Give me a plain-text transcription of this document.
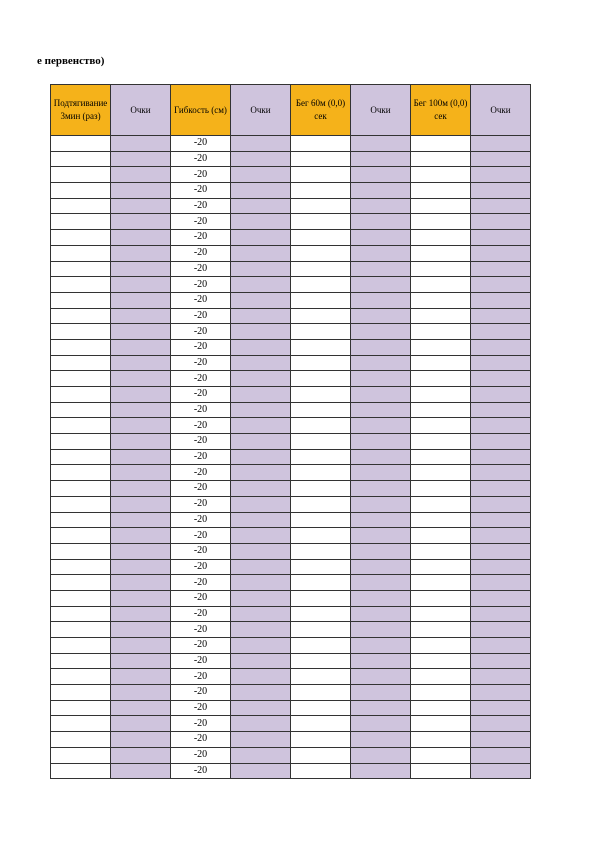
е первенство)
Подтягивание 3мин (раз)	Очки	Гибкость (см)	Очки	Бег 60м (0,0) сек	Очки	Бег 100м (0,0) сек	Очки
		-20					
		-20					
		-20					
		-20					
		-20					
		-20					
		-20					
		-20					
		-20					
		-20					
		-20					
		-20					
		-20					
		-20					
		-20					
		-20					
		-20					
		-20					
		-20					
		-20					
		-20					
		-20					
		-20					
		-20					
		-20					
		-20					
		-20					
		-20					
		-20					
		-20					
		-20					
		-20					
		-20					
		-20					
		-20					
		-20					
		-20					
		-20					
		-20					
		-20					
		-20					
